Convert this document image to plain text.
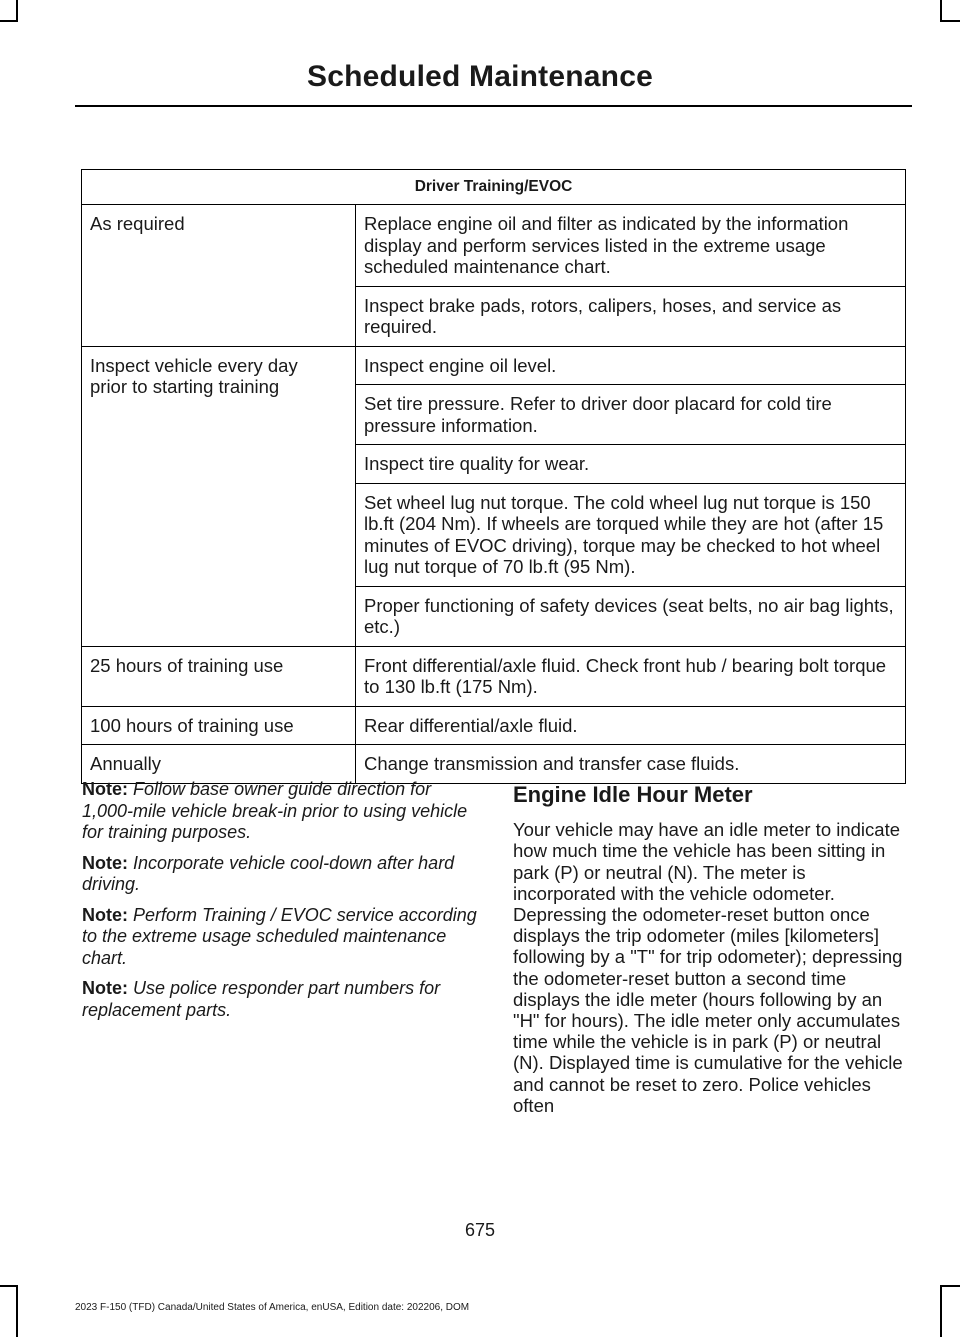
Scheduled Maintenance
Driver Training/EVOC	

As required	Replace engine oil and filter as indicated by the information display and perform services listed in the extreme usage scheduled maintenance chart.

	Inspect brake pads, rotors, calipers, hoses, and service as required.

Inspect vehicle every day prior to starting training	Inspect engine oil level.

	Set tire pressure. Refer to driver door placard for cold tire pressure information.

	Inspect tire quality for wear.

	Set wheel lug nut torque. The cold wheel lug nut torque is 150 lb.ft (204 Nm). If wheels are torqued while they are hot (after 15 minutes of EVOC driving), torque may be checked to hot wheel lug nut torque of 70 lb.ft (95 Nm).

	Proper functioning of safety devices (seat belts, no air bag lights, etc.)

25 hours of training use	Front differential/axle fluid. Check front hub / bearing bolt torque to 130 lb.ft (175 Nm).

100 hours of training use	Rear differential/axle fluid.

Annually	Change transmission and transfer case fluids.

Note: Follow base owner guide direction for 1,000-mile vehicle break-in prior to using vehicle for training purposes.

Note: Incorporate vehicle cool-down after hard driving.

Note: Perform Training / EVOC service according to the extreme usage scheduled maintenance chart.

Note: Use police responder part numbers for replacement parts.

Engine Idle Hour Meter

Your vehicle may have an idle meter to indicate how much time the vehicle has been sitting in park (P) or neutral (N). The meter is incorporated with the vehicle odometer. Depressing the odometer-reset button once displays the trip odometer (miles [kilometers] following by a "T" for trip odometer); depressing the odometer-reset button a second time displays the idle meter (hours following by an "H" for hours). The idle meter only accumulates time while the vehicle is in park (P) or neutral (N). Displayed time is cumulative for the vehicle and cannot be reset to zero. Police vehicles often

675
2023 F-150 (TFD) Canada/United States of America, enUSA, Edition date: 202206, DOM
